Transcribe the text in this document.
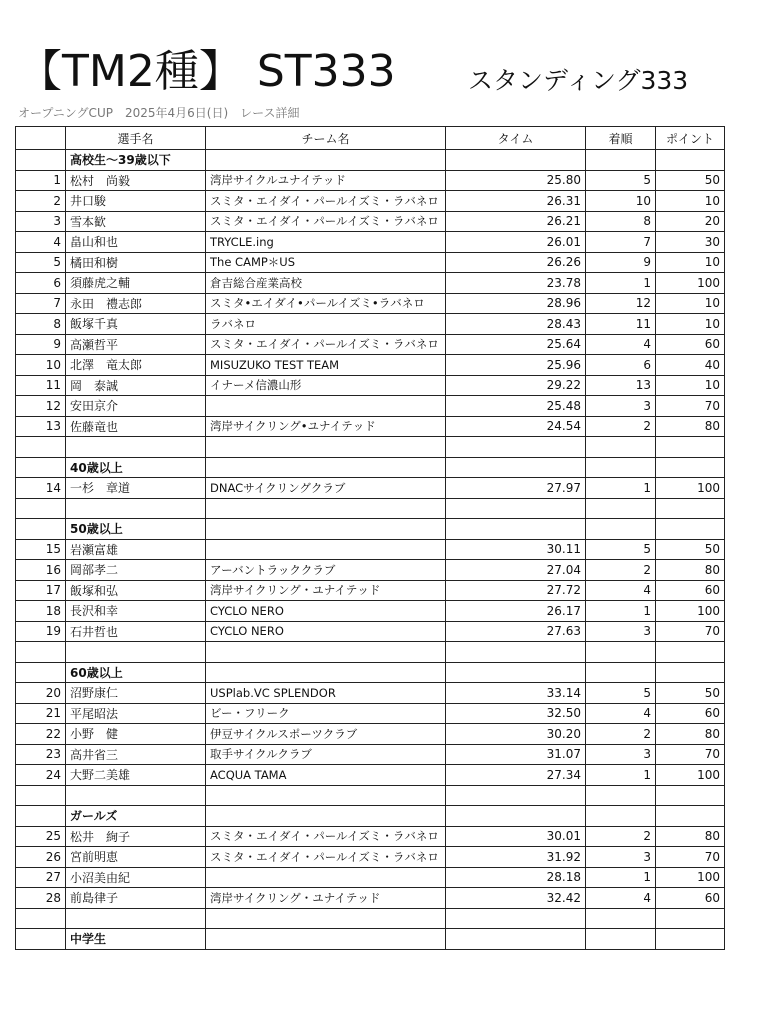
【TM2種】 ST333	スタンディング333
オープニングCUP　2025年4月6日(日)　レース詳細
	選手名	チーム名	タイム	着順	ポイント
	高校生～39歳以下				
1	松村　尚毅	湾岸サイクルユナイテッド	25.80	5	50
2	井口駿	スミタ・エイダイ・パールイズミ・ラバネロ	26.31	10	10
3	雪本歓	スミタ・エイダイ・パールイズミ・ラバネロ	26.21	8	20
4	畠山和也	TRYCLE.ing	26.01	7	30
5	橘田和樹	The CAMP＊US	26.26	9	10
6	須藤虎之輔	倉吉総合産業高校	23.78	1	100
7	永田　禮志郎	スミタ•エイダイ•パールイズミ•ラバネロ	28.96	12	10
8	飯塚千真	ラバネロ	28.43	11	10
9	高瀬哲平	スミタ・エイダイ・パールイズミ・ラバネロ	25.64	4	60
10	北澤　竜太郎	MISUZUKO TEST TEAM	25.96	6	40
11	岡　泰誠	イナーメ信濃山形	29.22	13	10
12	安田京介		25.48	3	70
13	佐藤竜也	湾岸サイクリング•ユナイテッド	24.54	2	80

	40歳以上				
14	一杉　章道	DNACサイクリングクラブ	27.97	1	100

	50歳以上				
15	岩瀬富雄		30.11	5	50
16	岡部孝二	アーバントラッククラブ	27.04	2	80
17	飯塚和弘	湾岸サイクリング・ユナイテッド	27.72	4	60
18	長沢和幸	CYCLO NERO	26.17	1	100
19	石井哲也	CYCLO NERO	27.63	3	70

	60歳以上				
20	沼野康仁	USPlab.VC SPLENDOR	33.14	5	50
21	平尾昭法	ビー・フリーク	32.50	4	60
22	小野　健	伊豆サイクルスポーツクラブ	30.20	2	80
23	高井省三	取手サイクルクラブ	31.07	3	70
24	大野二美雄	ACQUA TAMA	27.34	1	100

	ガールズ				
25	松井　絢子	スミタ・エイダイ・パールイズミ・ラバネロ	30.01	2	80
26	宮前明恵	スミタ・エイダイ・パールイズミ・ラバネロ	31.92	3	70
27	小沼美由紀		28.18	1	100
28	前島律子	湾岸サイクリング・ユナイテッド	32.42	4	60

	中学生				
